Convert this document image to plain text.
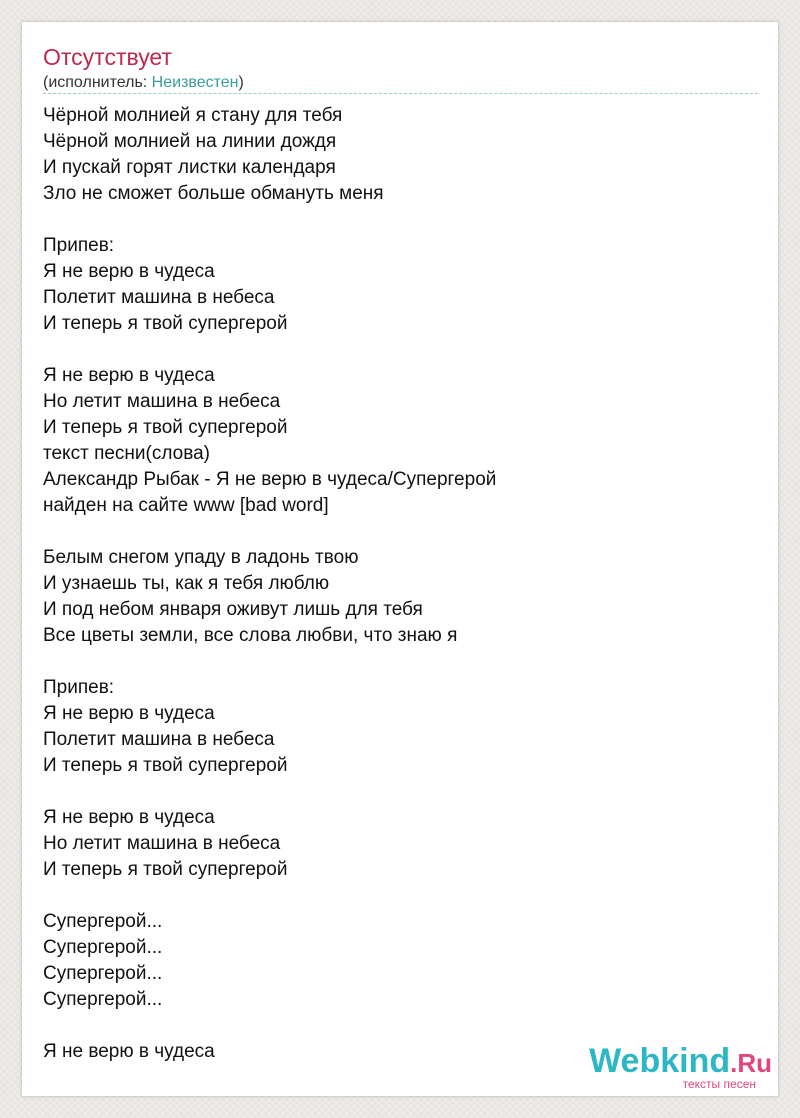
Отсутствует
(исполнитель: Неизвестен)
Чёрной молнией я стану для тебя
Чёрной молнией на линии дождя
И пускай горят листки календаря
Зло не сможет больше обмануть меня
Припев:
Я не верю в чудеса
Полетит машина в небеса
И теперь я твой супергерой
Я не верю в чудеса
Но летит машина в небеса
И теперь я твой супергерой
текст песни(слова)
Александр Рыбак - Я не верю в чудеса/Супергерой
найден на сайте www [bad word]
Белым снегом упаду в ладонь твою
И узнаешь ты, как я тебя люблю
И под небом января оживут лишь для тебя
Все цветы земли, все слова любви, что знаю я
Припев:
Я не верю в чудеса
Полетит машина в небеса
И теперь я твой супергерой
Я не верю в чудеса
Но летит машина в небеса
И теперь я твой супергерой
Супергерой...
Супергерой...
Супергерой...
Супергерой...
Я не верю в чудеса	Webkind.Ru
тексты песен
